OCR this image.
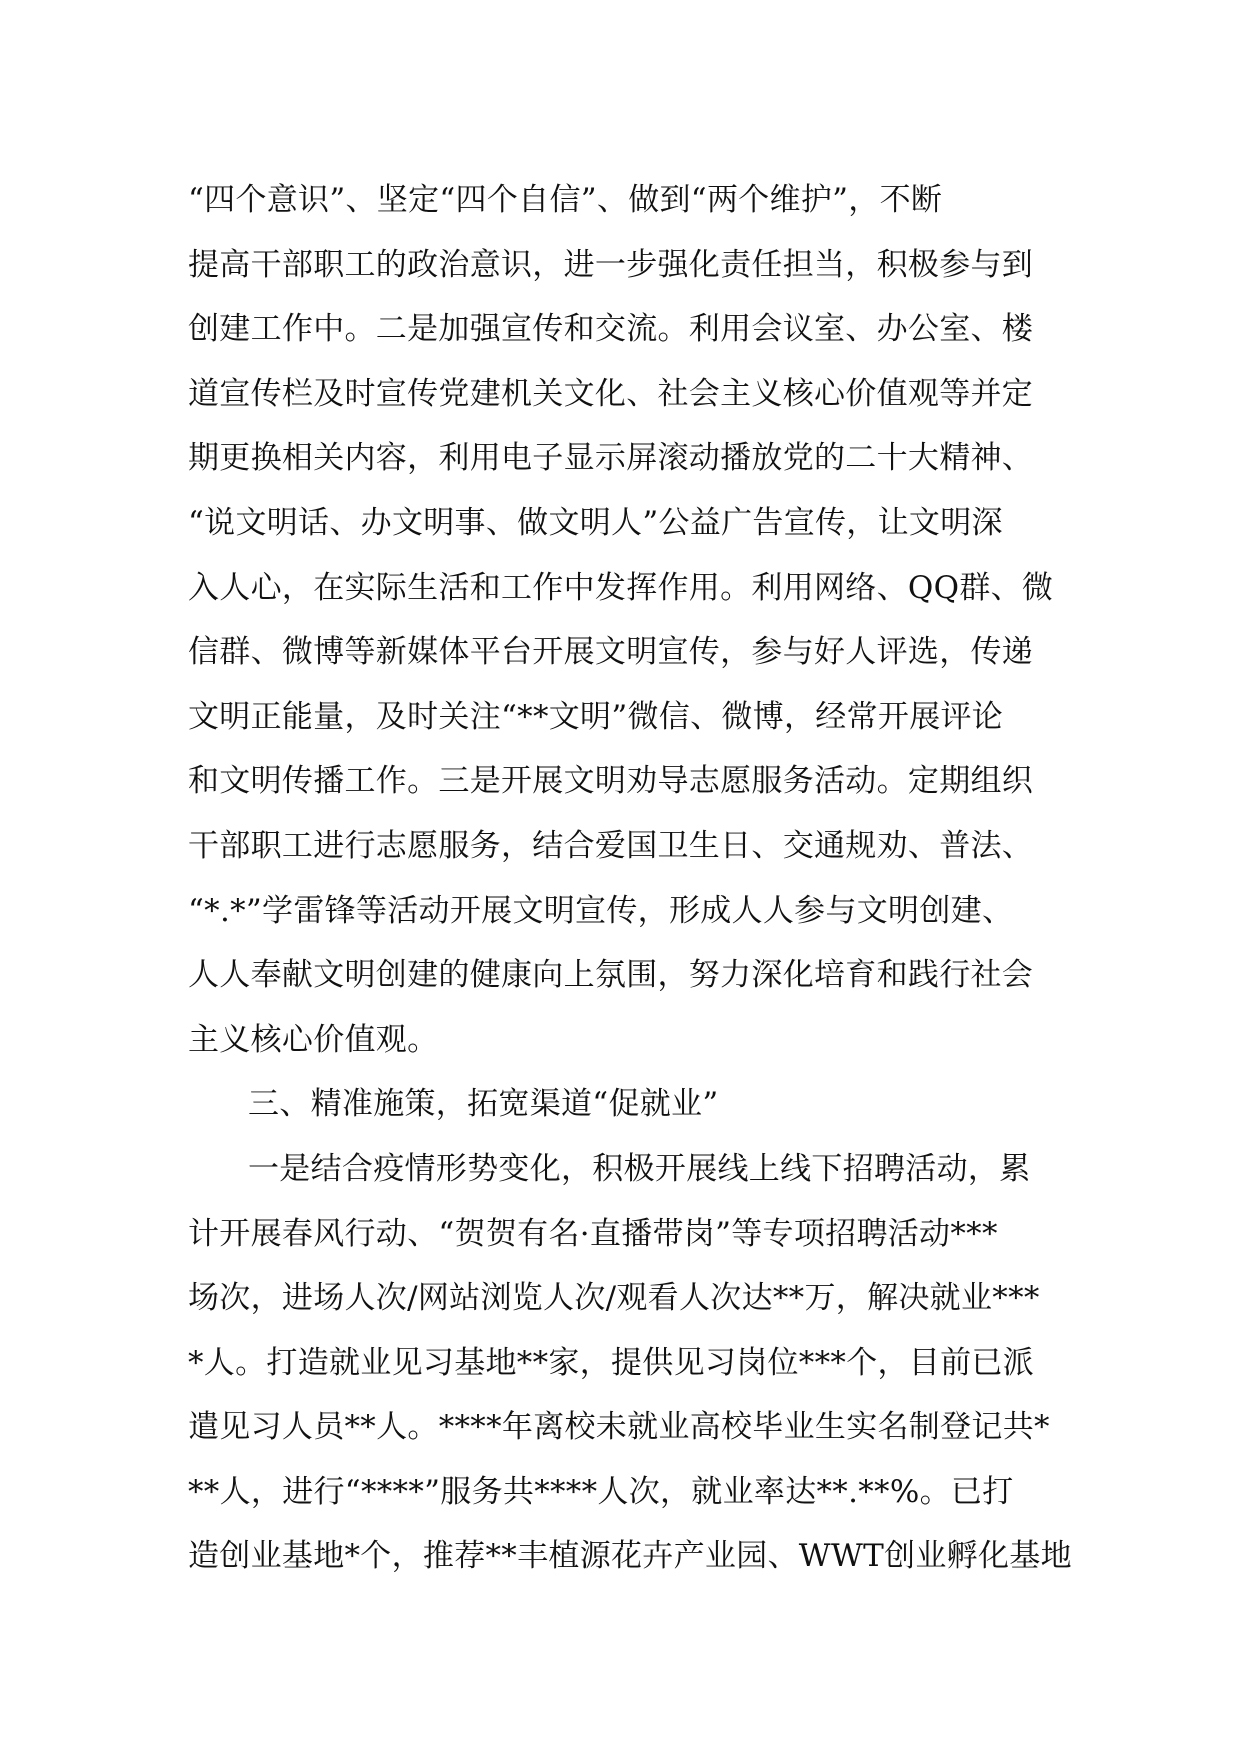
“四个意识”、坚定“四个自信”、做到“两个维护”，不断
提高干部职工的政治意识，进一步强化责任担当，积极参与到
创建工作中。二是加强宣传和交流。利用会议室、办公室、楼
道宣传栏及时宣传党建机关文化、社会主义核心价值观等并定
期更换相关内容，利用电子显示屏滚动播放党的二十大精神、
“说文明话、办文明事、做文明人”公益广告宣传，让文明深
入人心，在实际生活和工作中发挥作用。利用网络、QQ群、微
信群、微博等新媒体平台开展文明宣传，参与好人评选，传递
文明正能量，及时关注“**文明”微信、微博，经常开展评论
和文明传播工作。三是开展文明劝导志愿服务活动。定期组织
干部职工进行志愿服务，结合爱国卫生日、交通规劝、普法、
“*.*”学雷锋等活动开展文明宣传，形成人人参与文明创建、
人人奉献文明创建的健康向上氛围，努力深化培育和践行社会
主义核心价值观。
三、精准施策，拓宽渠道“促就业”
一是结合疫情形势变化，积极开展线上线下招聘活动，累
计开展春风行动、“贺贺有名·直播带岗”等专项招聘活动***
场次，进场人次/网站浏览人次/观看人次达**万，解决就业***
*人。打造就业见习基地**家，提供见习岗位***个，目前已派
遣见习人员**人。****年离校未就业高校毕业生实名制登记共*
**人，进行“****”服务共****人次，就业率达**.**%。已打
造创业基地*个，推荐**丰植源花卉产业园、WWT创业孵化基地
